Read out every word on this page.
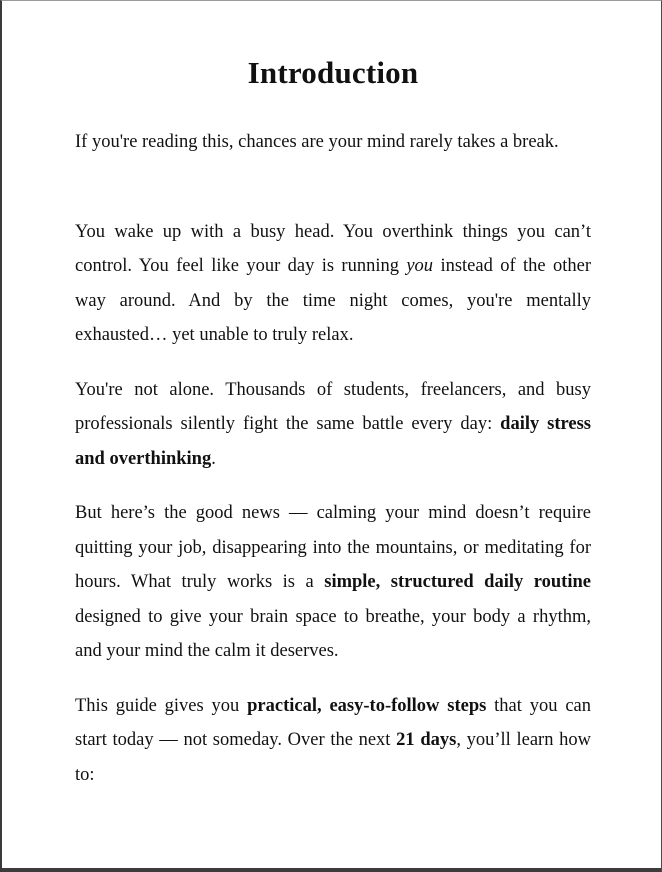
Introduction

If you're reading this, chances are your mind rarely takes a break.

You wake up with a busy head. You overthink things you can’t control. You feel like your day is running you instead of the other way around. And by the time night comes, you're mentally exhausted… yet unable to truly relax.

You're not alone. Thousands of students, freelancers, and busy professionals silently fight the same battle every day: daily stress and overthinking.

But here’s the good news — calming your mind doesn’t require quitting your job, disappearing into the mountains, or meditating for hours. What truly works is a simple, structured daily routine designed to give your brain space to breathe, your body a rhythm, and your mind the calm it deserves.

This guide gives you practical, easy-to-follow steps that you can start today — not someday. Over the next 21 days, you’ll learn how to:
